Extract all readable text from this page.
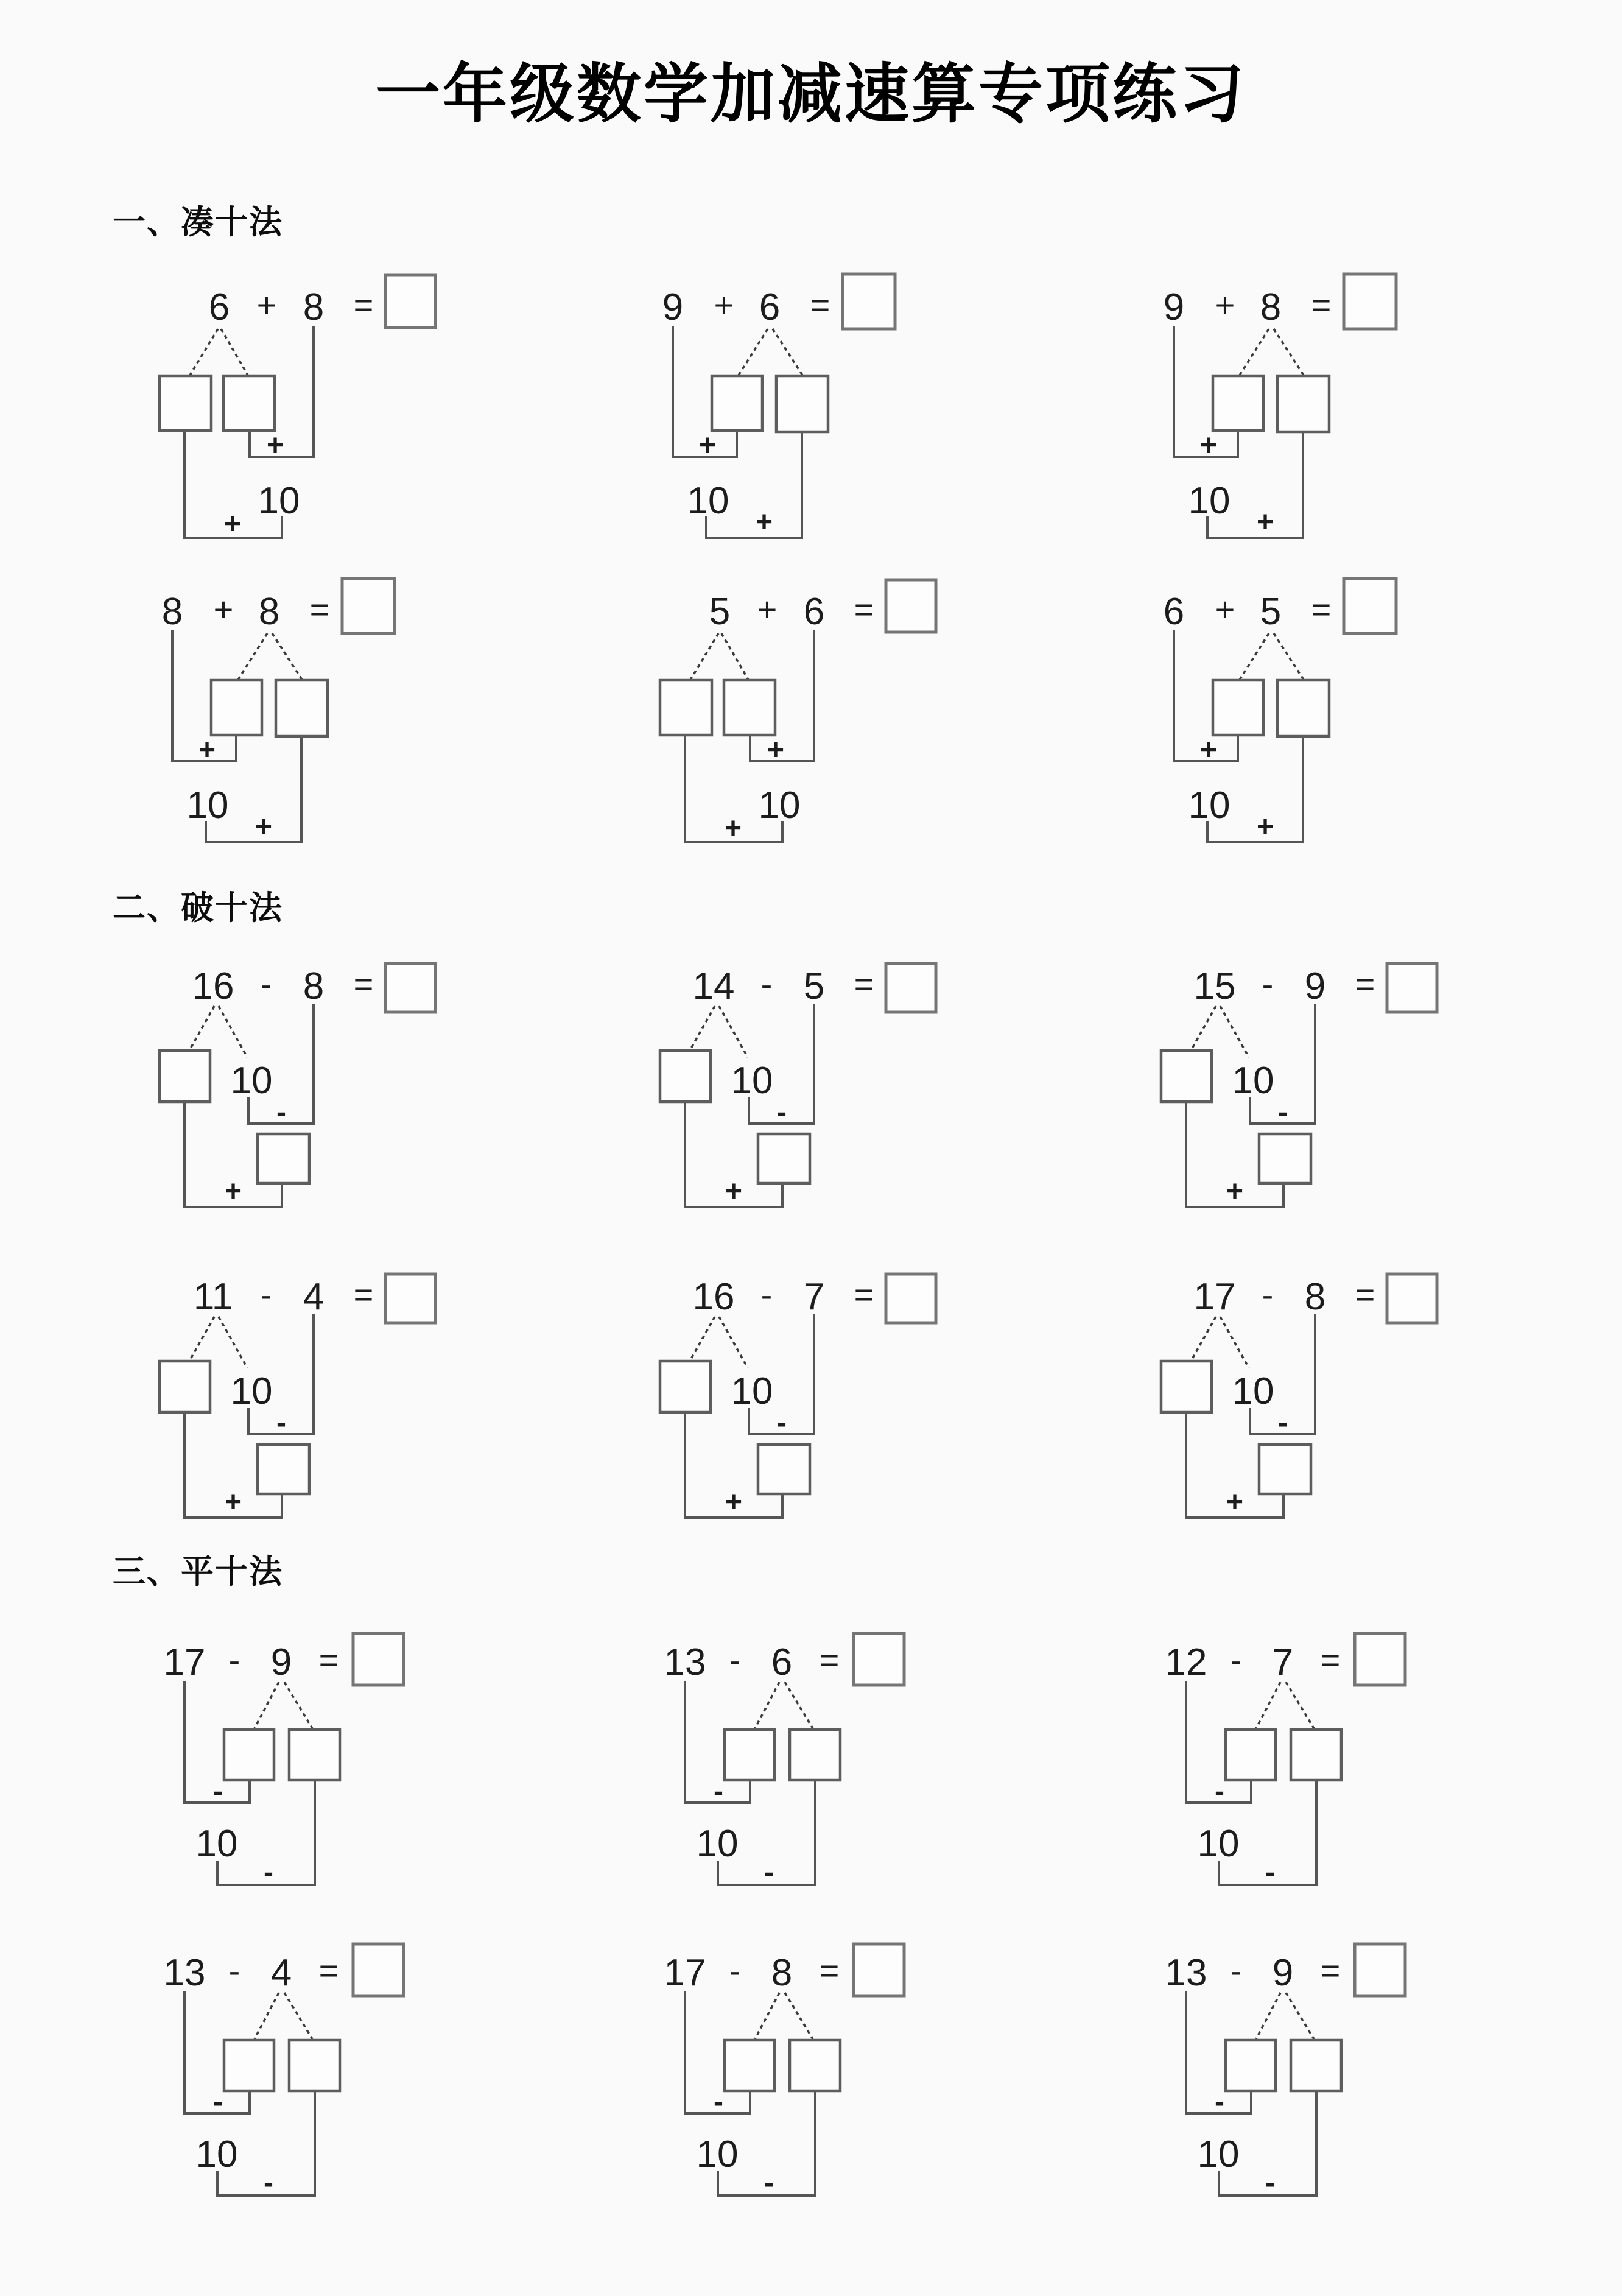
一年级数学加减速算专项练习
一、凑十法
二、破十法
三、平十法
6 + 8 =
10
+
+
9 + 6 =
10
+
+
9 + 8 =
10
+
+
8 + 8 =
10
+
+
5 + 6 =
10
+
+
6 + 5 =
10
+
+
16 - 8 =
10
-
+
14 - 5 =
10
-
+
15 - 9 =
10
-
+
11 - 4 =
10
-
+
16 - 7 =
10
-
+
17 - 8 =
10
-
+
17 - 9 =
10
-
-
13 - 6 =
10
-
-
12 - 7 =
10
-
-
13 - 4 =
10
-
-
17 - 8 =
10
-
-
13 - 9 =
10
-
-
